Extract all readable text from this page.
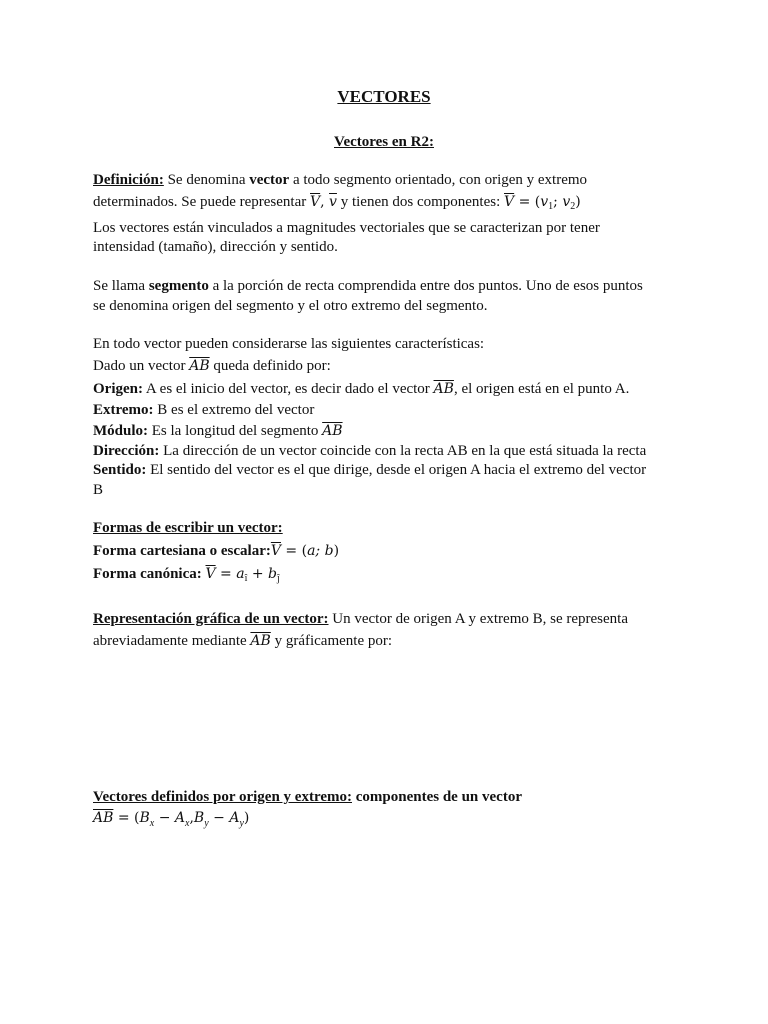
VECTORES
Vectores en R2:
Definición: Se denomina vector a todo segmento orientado, con origen y extremo
determinados. Se puede representar $\overline{V}$, $\overline{v}$ y tienen dos componentes: $\overline{V} = (v_1$; $v_2$)
Los vectores están vinculados a magnitudes vectoriales que se caracterizan por tener
intensidad (tamaño), dirección y sentido.
Se llama segmento a la porción de recta comprendida entre dos puntos. Uno de esos puntos
se denomina origen del segmento y el otro extremo del segmento.
En todo vector pueden considerarse las siguientes características:
Dado un vector $\overline{AB}$ queda definido por:
Origen: A es el inicio del vector, es decir dado el vector $\overline{AB}$, el origen está en el punto A.
Extremo: B es el extremo del vector
Módulo: Es la longitud del segmento $\overline{AB}$
Dirección: La dirección de un vector coincide con la recta AB en la que está situada la recta
Sentido: El sentido del vector es el que dirige, desde el origen A hacia el extremo del vector
B
Formas de escribir un vector:
Forma cartesiana o $escalar:\overline{V} = (a$; b)
Forma canónica: $\overline{V} = a_î + b_ĵ$
Representación gráfica de un vector: Un vector de origen A y extremo B, se representa
abreviadamente mediante $\overline{AB}$ y gráficamente por:
Vectores definidos por origen y extremo: componentes de un vector
$\overline{AB} = (B_x - A_x,B_y - A_y)$
